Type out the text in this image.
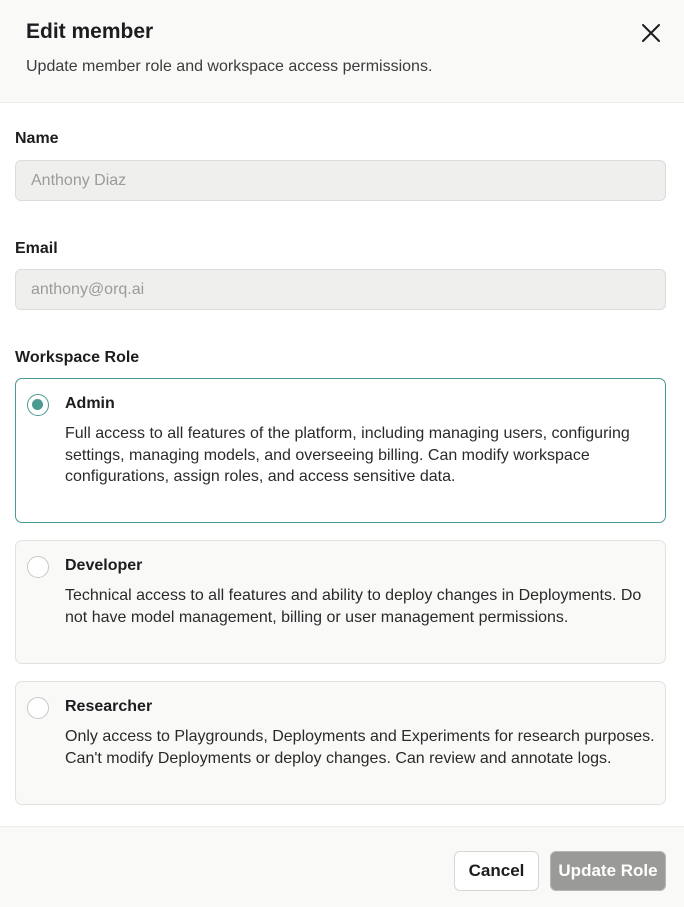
Edit member
Update member role and workspace access permissions.
Name
Anthony Diaz
Email
anthony@orq.ai
Workspace Role
Admin
Full access to all features of the platform, including managing users, configuring settings, managing models, and overseeing billing. Can modify workspace configurations, assign roles, and access sensitive data.
Developer
Technical access to all features and ability to deploy changes in Deployments. Do not have model management, billing or user management permissions.
Researcher
Only access to Playgrounds, Deployments and Experiments for research purposes. Can't modify Deployments or deploy changes. Can review and annotate logs.
Cancel	Update Role
